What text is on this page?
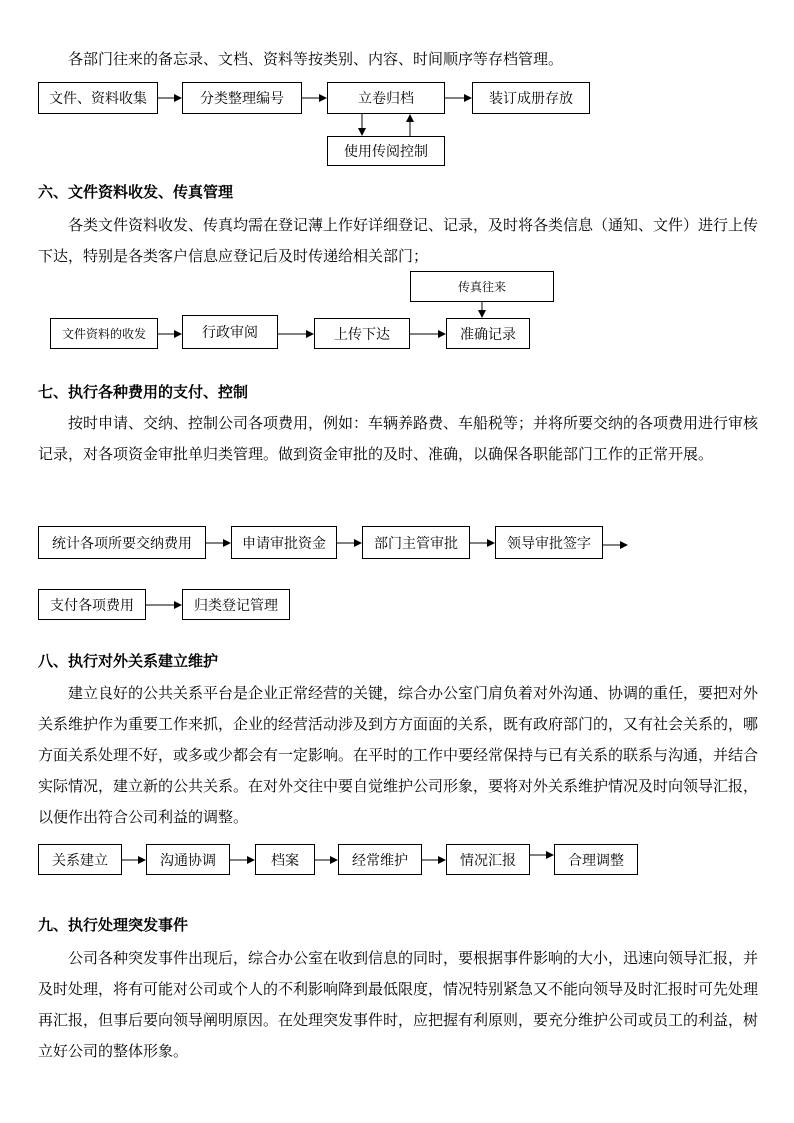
各部门往来的备忘录、文档、资料等按类别、内容、时间顺序等存档管理。

文件、资料收集	分类整理编号	立卷归档	装订成册存放
使用传阅控制
六、文件资料收发、传真管理

各类文件资料收发、传真均需在登记薄上作好详细登记、记录，及时将各类信息（通知、文件）进行上传下达，特别是各类客户信息应登记后及时传递给相关部门；

传真往来
文件资料的收发	行政审阅	上传下达	准确记录
七、执行各种费用的支付、控制

按时申请、交纳、控制公司各项费用，例如：车辆养路费、车船税等；并将所要交纳的各项费用进行审核记录，对各项资金审批单归类管理。做到资金审批的及时、准确，以确保各职能部门工作的正常开展。

统计各项所要交纳费用	申请审批资金	部门主管审批	领导审批签字
支付各项费用	归类登记管理
八、执行对外关系建立维护

建立良好的公共关系平台是企业正常经营的关键，综合办公室门肩负着对外沟通、协调的重任，要把对外关系维护作为重要工作来抓，企业的经营活动涉及到方方面面的关系，既有政府部门的，又有社会关系的，哪方面关系处理不好，或多或少都会有一定影响。在平时的工作中要经常保持与已有关系的联系与沟通，并结合实际情况，建立新的公共关系。在对外交往中要自觉维护公司形象，要将对外关系维护情况及时向领导汇报，以便作出符合公司利益的调整。

关系建立	沟通协调	档案	经常维护	情况汇报	合理调整
九、执行处理突发事件

公司各种突发事件出现后，综合办公室在收到信息的同时，要根据事件影响的大小，迅速向领导汇报，并及时处理，将有可能对公司或个人的不利影响降到最低限度，情况特别紧急又不能向领导及时汇报时可先处理再汇报，但事后要向领导阐明原因。在处理突发事件时，应把握有利原则，要充分维护公司或员工的利益，树立好公司的整体形象。
